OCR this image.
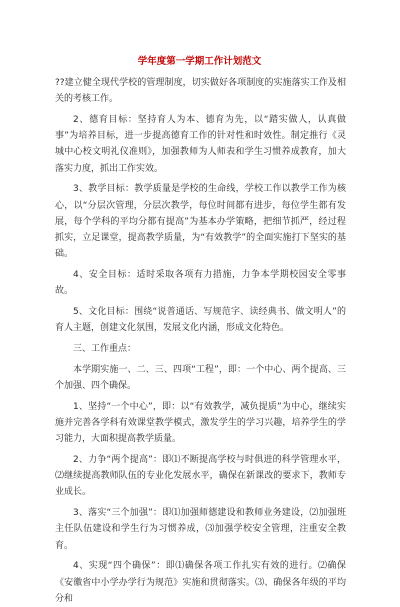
学年度第一学期工作计划范文

??建立健全现代学校的管理制度，切实做好各项制度的实施落实工作及相关的考核工作。

2、德育目标：坚持育人为本、德育为先，以“踏实做人，认真做事”为培养目标，进一步提高德育工作的针对性和时效性。制定推行《灵城中心校文明礼仪准则》，加强教师为人师表和学生习惯养成教育，加大落实力度，抓出工作实效。

3、教学目标：教学质量是学校的生命线，学校工作以教学工作为核心，以“分层次管理，分层次教学，每位时间都有进步，每位学生都有发展，每个学科的平均分都有提高”为基本办学策略，把细节抓严，经过程抓实，立足课堂，提高教学质量，为“有效教学”的全面实施打下坚实的基础。

4、安全目标：适时采取各项有力措施，力争本学期校园安全零事故。

5、文化目标：围绕“说普通话、写规范字、读经典书、做文明人”的育人主题，创建文化氛围，发展文化内涵，形成文化特色。

三、工作重点：

本学期实施一、二、三、四项“工程”，即：一个中心、两个提高、三个加强、四个确保。

1、坚持“一个中心”，即：以“有效教学，减负提质”为中心，继续实施并完善各学科有效课堂教学模式，激发学生的学习兴趣，培养学生的学习能力，大面积提高教学质量。

2、力争“两个提高”：即⑴不断提高学校与时俱进的科学管理水平，⑵继续提高教师队伍的专业化发展水平，确保在新课改的要求下，教师专业成长。

3、落实“三个加强”：即⑴加强师德建设和教师业务建设，⑵加强班主任队伍建设和学生行为习惯养成，⑶加强学校安全管理，注重安全教育。

4、实现“四个确保”：即⑴确保各项工作扎实有效的进行。⑵确保《安徽省中小学办学行为规范》实施和贯彻落实。⑶、确保各年级的平均分和
